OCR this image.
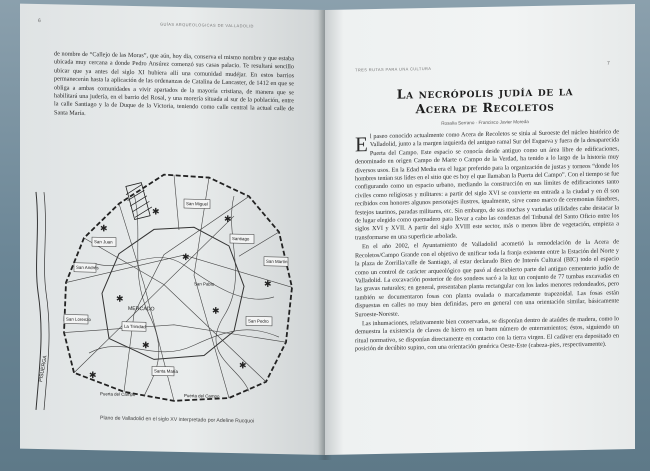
6
GUÍAS ARQUEOLÓGICAS DE VALLADOLID

de nombre de “Callejo de las Moras”, que aún, hoy día, conserva el mismo nombre y que estaba ubicada muy cercana a donde Pedro Ansúrez comenzó sus casas palacio. Te resultará sencillo ubicar que ya antes del siglo XI hubiera allí una comunidad mudéjar. En estos barrios permanecerán hasta la aplicación de las ordenanzas de Catalina de Lancaster, de 1412 en que se obliga a ambas comunidades a vivir apartados de la mayoría cristiana, de manera que se habilitará una judería, en el barrio del Rosal, y una morería situada al sur de la población, entre la calle Santiago y la de Duque de la Victoria, teniendo como calle central la actual calle de Santa María.

✱
✱
✱
✱
✱
✱
✱
✱
✱
✱
San Juan
San Andrés
San Miguel
Santiago
San Lorenzo
La Trinidad
San Pedro
Santa María
San Martín
San Pablo
MERCADO
PISUERGA
Puerta del Campo	Puerta del Campo
Plano de Valladolid en el siglo XV interpretado por Adeline Rucquoi
TRES RUTAS PARA UNA CULTURA
7
La necrópolis judía de la
Acera de Recoletos
Rosalía Serrano · Francisco Javier Moreda

El paseo conocido actualmente como Acera de Recoletos se sitúa al Suroeste del núcleo histórico de Valladolid, junto a la margen izquierda del antiguo ramal Sur del Esgueva y fuera de la desaparecida Puerta del Campo. Este espacio se conocía desde antiguo como un área libre de edificaciones, denominado en origen Campo de Marte o Campo de la Verdad, ha tenido a lo largo de la historia muy diversos usos. En la Edad Media era el lugar preferido para la organización de justas y torneos “donde los hombres tenían sus lides en el sitio que es hoy el que llamaban la Puerta del Campo”. Con el tiempo se fue configurando como un espacio urbano, mediando la construcción en sus límites de edificaciones tanto civiles como religiosas y militares: a partir del siglo XVI se convierte en entrada a la ciudad y en él son recibidos con honores algunos personajes ilustres, igualmente, sirve como marco de ceremonias fúnebres, festejos taurinos, paradas militares, etc. Sin embargo, de sus muchas y variadas utilidades cabe destacar la de lugar elegido como quemadero para llevar a cabo las condenas del Tribunal del Santo Oficio entre los siglos XVI y XVII. A partir del siglo XVIII este sector, más o menos libre de vegetación, empieza a transformarse en una superficie arbolada.

En el año 2002, el Ayuntamiento de Valladolid acometió la remodelación de la Acera de Recoletos/Campo Grande con el objetivo de unificar toda la franja existente entre la Estación del Norte y la plaza de Zorrilla/calle de Santiago, al estar declarado Bien de Interés Cultural (BIC) todo el espacio como un control de carácter arqueológico que pasó al descubierto parte del antiguo cementerio judío de Valladolid. La excavación posterior de dos sondeos sacó a la luz un conjunto de 77 tumbas excavadas en las gravas naturales; en general, presentaban planta rectangular con los lados menores redondeados, pero también se documentaron fosas con planta ovalada o marcadamente trapezoidal. Las fosas están dispuestas en calles no muy bien definidas, pero en general con una orientación similar, básicamente Suroeste-Noreste.

Las inhumaciones, relativamente bien conservadas, se disponían dentro de ataúdes de madera, como lo demuestra la existencia de clavos de hierro en un buen número de enterramientos; éstos, siguiendo un ritual normativo, se disponían directamente en contacto con la tierra virgen. El cadáver era depositado en posición de decúbito supino, con una orientación genérica Oeste-Este (cabeza-pies, respectivamente).
